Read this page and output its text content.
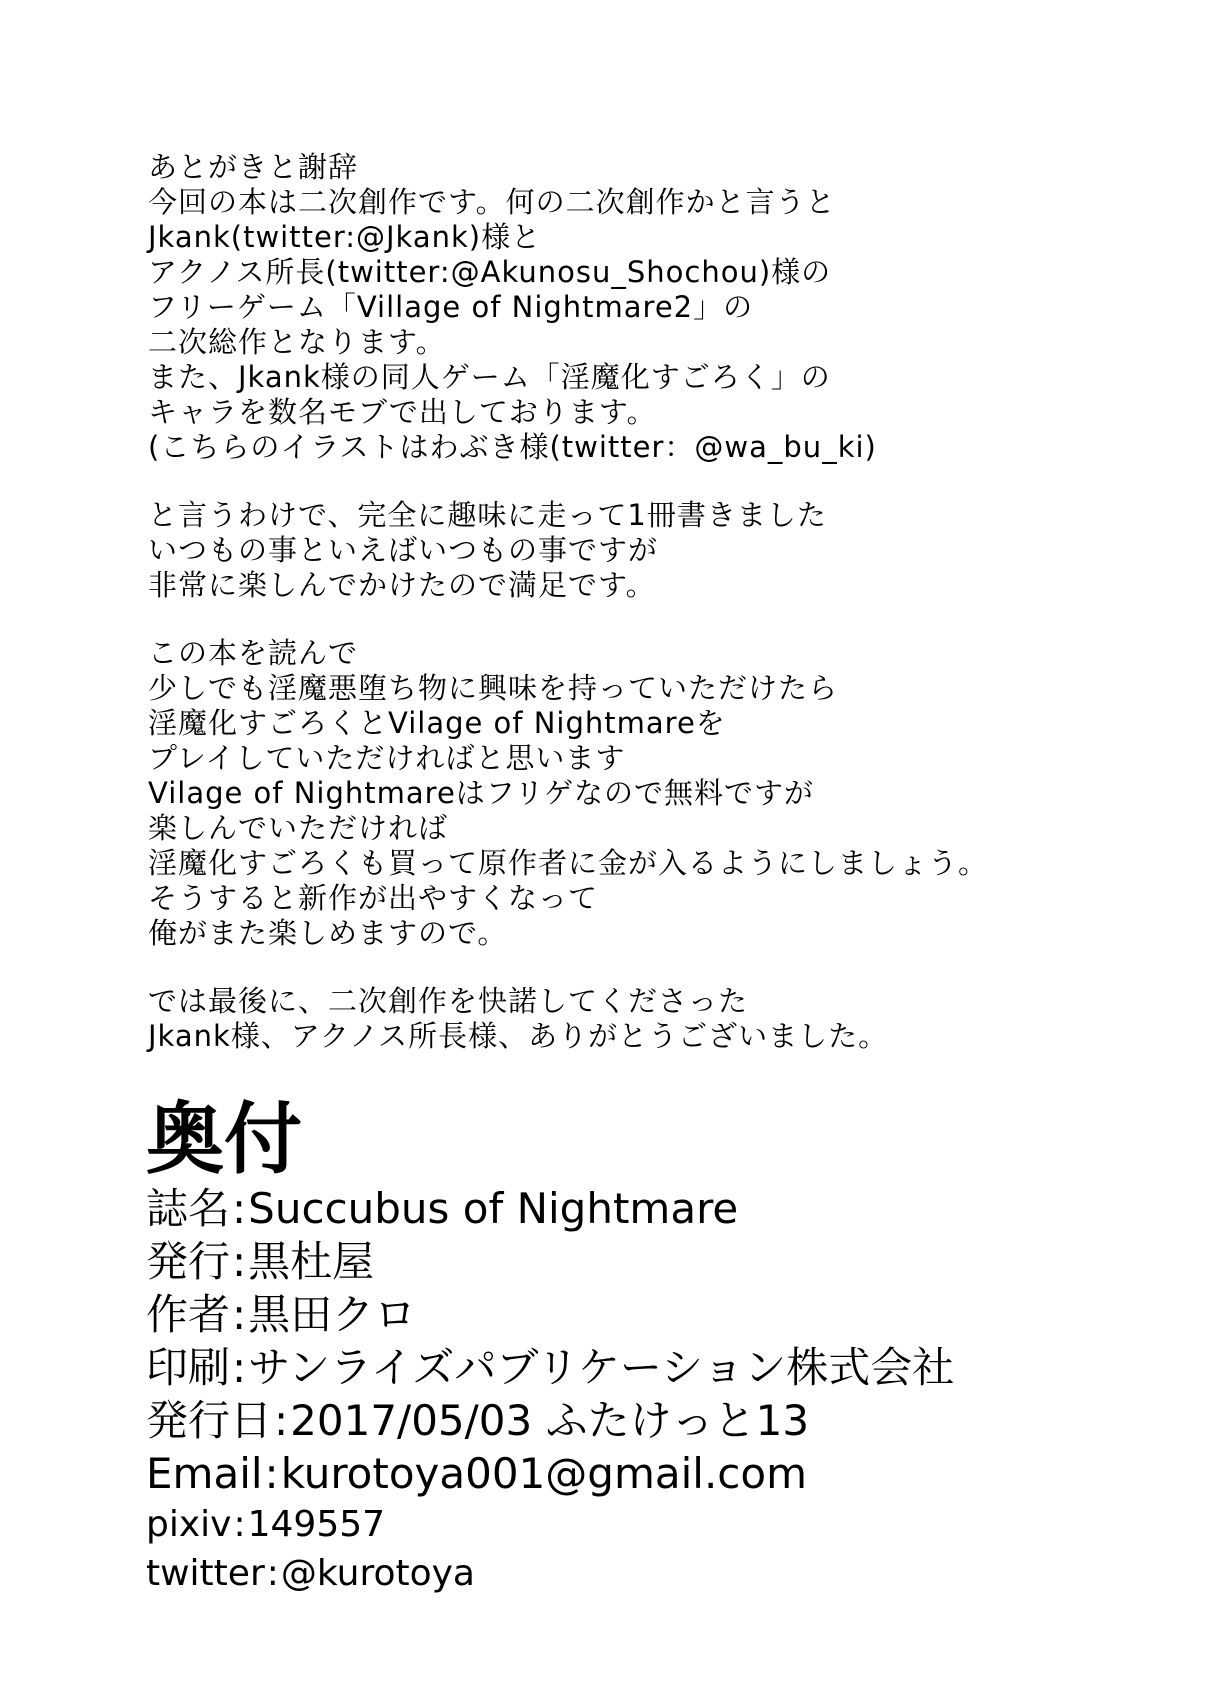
あとがきと謝辞
今回の本は二次創作です。何の二次創作かと言うと
Jkank(twitter:@Jkank)様と
アクノス所長(twitter:@Akunosu_Shochou)様の
フリーゲーム「Village of Nightmare2」の
二次総作となります。
また、Jkank様の同人ゲーム「淫魔化すごろく」の
キャラを数名モブで出しております。
(こちらのイラストはわぶき様(twitter：@wa_bu_ki)
と言うわけで、完全に趣味に走って1冊書きました
いつもの事といえばいつもの事ですが
非常に楽しんでかけたので満足です。
この本を読んで
少しでも淫魔悪堕ち物に興味を持っていただけたら
淫魔化すごろくとVilage of Nightmareを
プレイしていただければと思います
Vilage of Nightmareはフリゲなので無料ですが
楽しんでいただければ
淫魔化すごろくも買って原作者に金が入るようにしましょう。
そうすると新作が出やすくなって
俺がまた楽しめますので。
では最後に、二次創作を快諾してくださった
Jkank様、アクノス所長様、ありがとうございました。
奥付
誌名:Succubus of Nightmare
発行:黒杜屋
作者:黒田クロ
印刷:サンライズパブリケーション株式会社
発行日:2017/05/03 ふたけっと13
Email:kurotoya001@gmail.com
pixiv:149557
twitter:@kurotoya
